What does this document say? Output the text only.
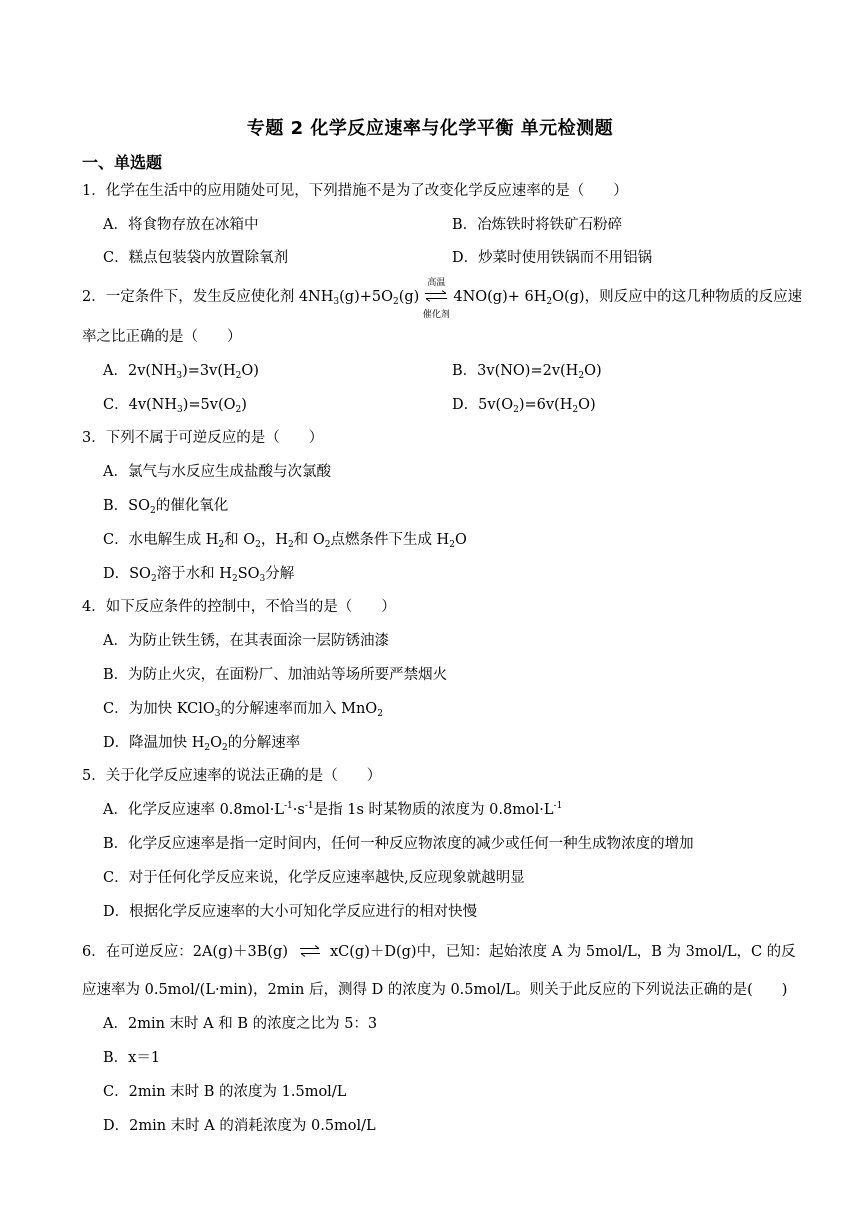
专题 2 化学反应速率与化学平衡 单元检测题
一、单选题
1．化学在生活中的应用随处可见，下列措施不是为了改变化学反应速率的是（　　）
A．将食物存放在冰箱中	B．冶炼铁时将铁矿石粉碎
C．糕点包装袋内放置除氧剂	D．炒菜时使用铁锅而不用铝锅
2．一定条件下，发生反应使化剂 $4NH_3(g)+5O_2(g)$
高温
催化剂
$4NO(g)+ 6H_2O(g)$，则反应中的这几种物质的反应速
率之比正确的是（　　）
A．$2v(NH_3)=3v(H_2O)$	B．$3v(NO)=2v(H_2O)$
C．$4v(NH_3)=5v(O_2)$	D．$5v(O_2)=6v(H_2O)$
3．下列不属于可逆反应的是（　　）
A．氯气与水反应生成盐酸与次氯酸
B．$SO_2$的催化氧化
C．水电解生成 $H_2$和 $O_2$，$H_2$和 $O_2$点燃条件下生成 $H_2O$
D．$SO_2$溶于水和 $H_2SO_3$分解
4．如下反应条件的控制中，不恰当的是（　　）
A．为防止铁生锈，在其表面涂一层防锈油漆
B．为防止火灾，在面粉厂、加油站等场所要严禁烟火
C．为加快 KClO$_3$的分解速率而加入 MnO$_2$
D．降温加快 $H_2O_2$的分解速率
5．关于化学反应速率的说法正确的是（　　）
A．化学反应速率 $0.8mol\cdot L^{-1}\cdot s^{-1}$是指 1s 时某物质的浓度为 $0.8mol\cdot L^{-1}$
B．化学反应速率是指一定时间内，任何一种反应物浓度的减少或任何一种生成物浓度的增加
C．对于任何化学反应来说，化学反应速率越快,反应现象就越明显
D．根据化学反应速率的大小可知化学反应进行的相对快慢
6．在可逆反应：2A(g)＋3B(g) ⇌ xC(g)＋D(g)中，已知：起始浓度 A 为 5mol/L，B 为 3mol/L，C 的反
应速率为 0.5mol/(L·min)，2min 后，测得 D 的浓度为 0.5mol/L。则关于此反应的下列说法正确的是(　　)
A．2min 末时 A 和 B 的浓度之比为 5：3
B．x＝1
C．2min 末时 B 的浓度为 1.5mol/L
D．2min 末时 A 的消耗浓度为 0.5mol/L
